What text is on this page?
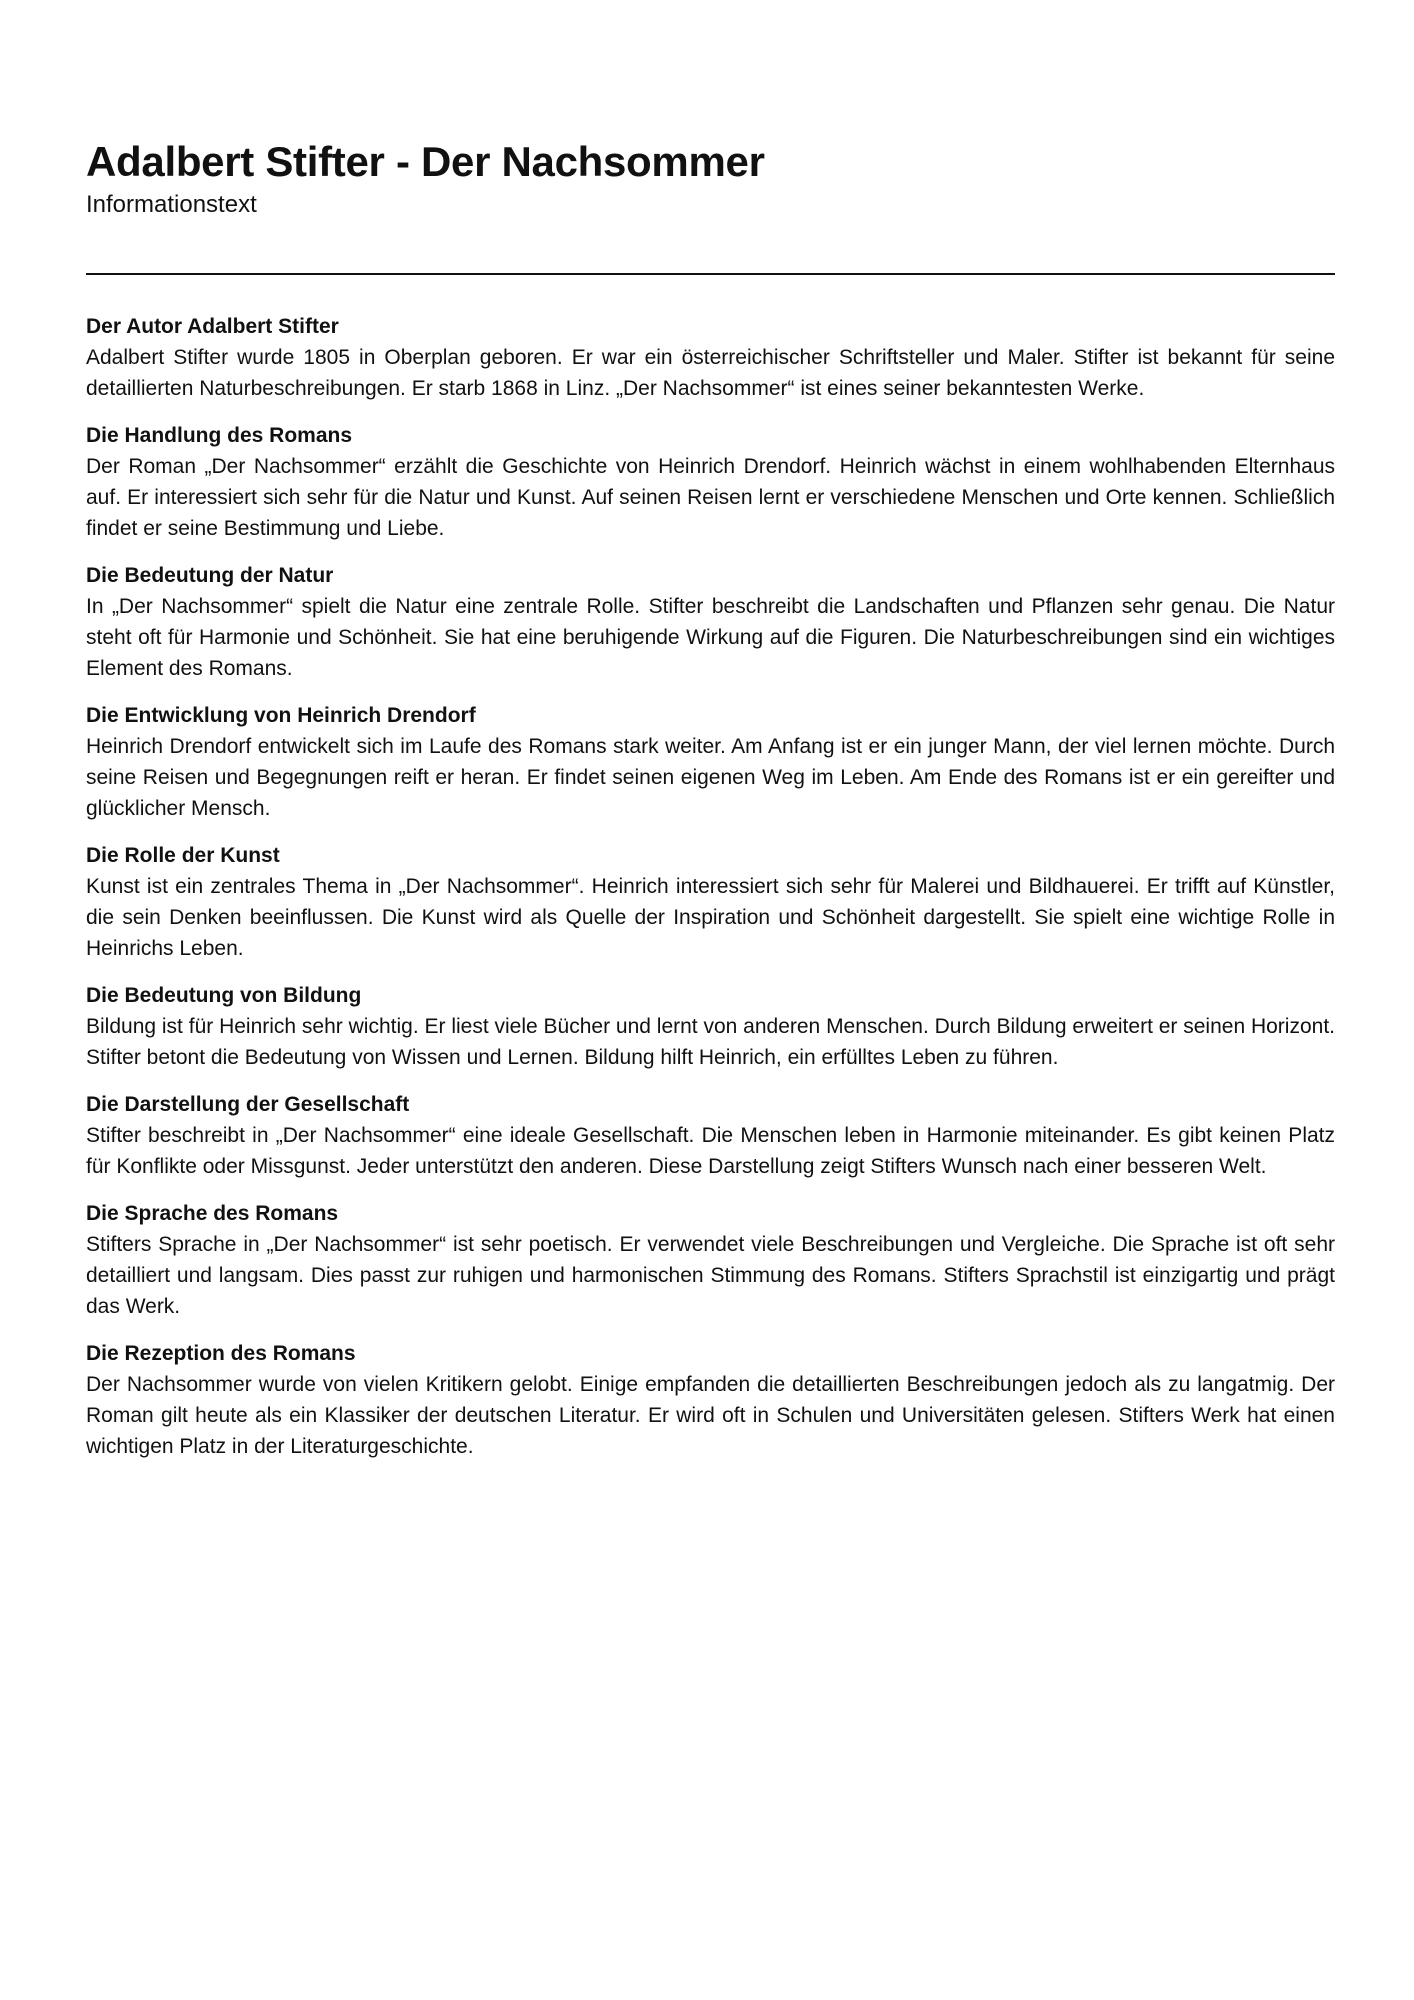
Adalbert Stifter - Der Nachsommer

Informationstext

Der Autor Adalbert Stifter

Adalbert Stifter wurde 1805 in Oberplan geboren. Er war ein österreichischer Schriftsteller und Maler. Stifter ist bekannt für seine detaillierten Naturbeschreibungen. Er starb 1868 in Linz. „Der Nachsommer“ ist eines seiner bekanntesten Werke.

Die Handlung des Romans

Der Roman „Der Nachsommer“ erzählt die Geschichte von Heinrich Drendorf. Heinrich wächst in einem wohlhabenden Elternhaus auf. Er interessiert sich sehr für die Natur und Kunst. Auf seinen Reisen lernt er verschiedene Menschen und Orte kennen. Schließlich findet er seine Bestimmung und Liebe.

Die Bedeutung der Natur

In „Der Nachsommer“ spielt die Natur eine zentrale Rolle. Stifter beschreibt die Landschaften und Pflanzen sehr genau. Die Natur steht oft für Harmonie und Schönheit. Sie hat eine beruhigende Wirkung auf die Figuren. Die Naturbeschreibungen sind ein wichtiges Element des Romans.

Die Entwicklung von Heinrich Drendorf

Heinrich Drendorf entwickelt sich im Laufe des Romans stark weiter. Am Anfang ist er ein junger Mann, der viel lernen möchte. Durch seine Reisen und Begegnungen reift er heran. Er findet seinen eigenen Weg im Leben. Am Ende des Romans ist er ein gereifter und glücklicher Mensch.

Die Rolle der Kunst

Kunst ist ein zentrales Thema in „Der Nachsommer“. Heinrich interessiert sich sehr für Malerei und Bildhauerei. Er trifft auf Künstler, die sein Denken beeinflussen. Die Kunst wird als Quelle der Inspiration und Schönheit dargestellt. Sie spielt eine wichtige Rolle in Heinrichs Leben.

Die Bedeutung von Bildung

Bildung ist für Heinrich sehr wichtig. Er liest viele Bücher und lernt von anderen Menschen. Durch Bildung erweitert er seinen Horizont. Stifter betont die Bedeutung von Wissen und Lernen. Bildung hilft Heinrich, ein erfülltes Leben zu führen.

Die Darstellung der Gesellschaft

Stifter beschreibt in „Der Nachsommer“ eine ideale Gesellschaft. Die Menschen leben in Harmonie miteinander. Es gibt keinen Platz für Konflikte oder Missgunst. Jeder unterstützt den anderen. Diese Darstellung zeigt Stifters Wunsch nach einer besseren Welt.

Die Sprache des Romans

Stifters Sprache in „Der Nachsommer“ ist sehr poetisch. Er verwendet viele Beschreibungen und Vergleiche. Die Sprache ist oft sehr detailliert und langsam. Dies passt zur ruhigen und harmonischen Stimmung des Romans. Stifters Sprachstil ist einzigartig und prägt das Werk.

Die Rezeption des Romans

Der Nachsommer wurde von vielen Kritikern gelobt. Einige empfanden die detaillierten Beschreibungen jedoch als zu langatmig. Der Roman gilt heute als ein Klassiker der deutschen Literatur. Er wird oft in Schulen und Universitäten gelesen. Stifters Werk hat einen wichtigen Platz in der Literaturgeschichte.
